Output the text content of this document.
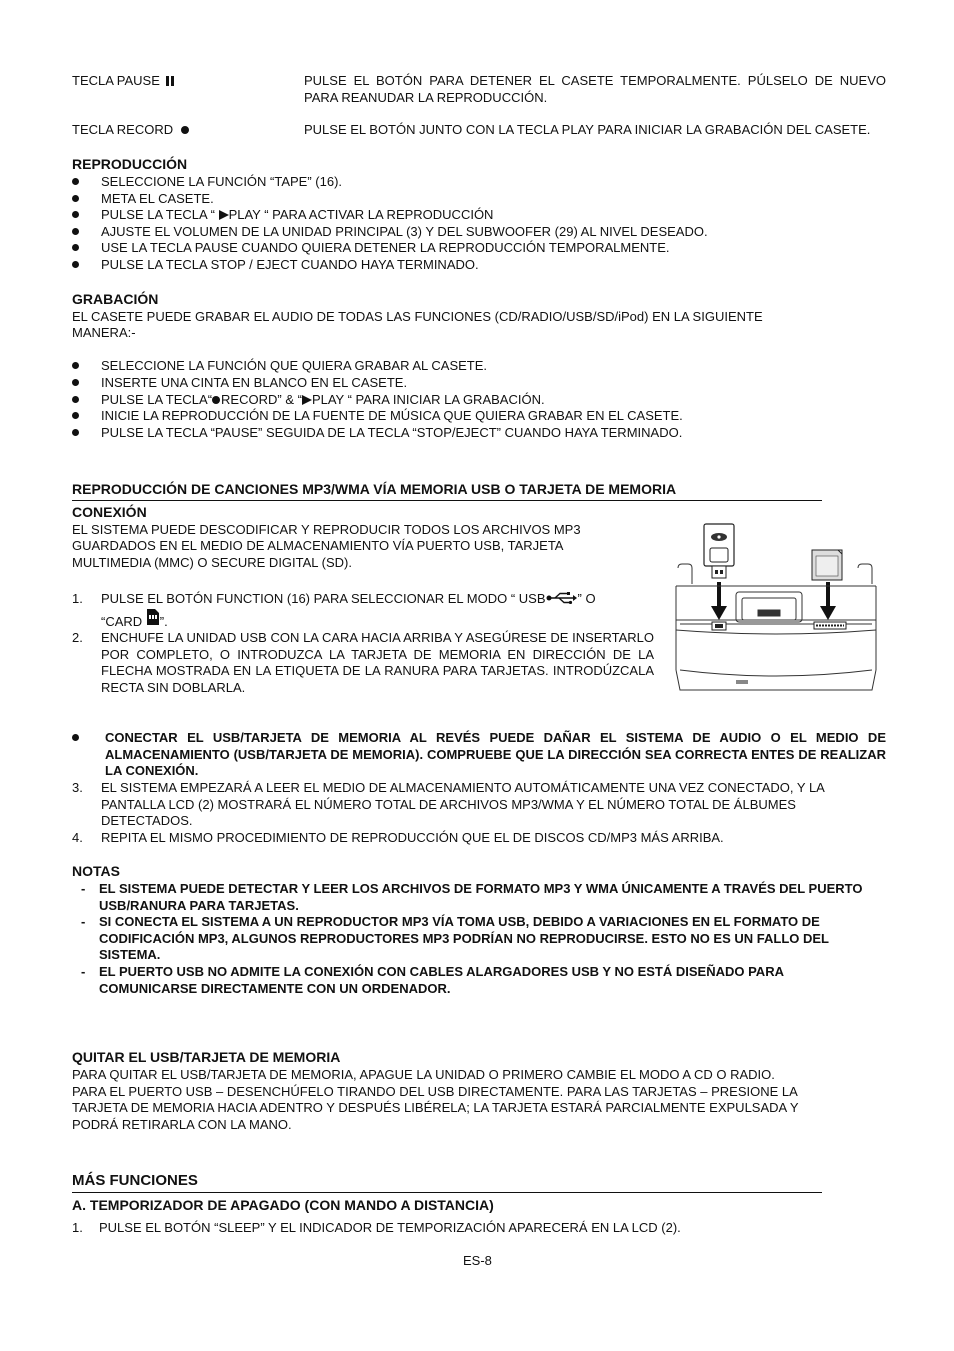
TECLA PAUSE	PULSE EL BOTÓN PARA DETENER EL CASETE TEMPORALMENTE. PÚLSELO DE NUEVO PARA REANUDAR LA REPRODUCCIÓN.
TECLA RECORD	PULSE EL BOTÓN JUNTO CON LA TECLA PLAY PARA INICIAR LA GRABACIÓN DEL CASETE.
REPRODUCCIÓN
SELECCIONE LA FUNCIÓN “TAPE” (16).
META EL CASETE.
PULSE LA TECLA “ PLAY “ PARA ACTIVAR LA REPRODUCCIÓN
AJUSTE EL VOLUMEN DE LA UNIDAD PRINCIPAL (3) Y DEL SUBWOOFER (29) AL NIVEL DESEADO.
USE LA TECLA PAUSE CUANDO QUIERA DETENER LA REPRODUCCIÓN TEMPORALMENTE.
PULSE LA TECLA STOP / EJECT CUANDO HAYA TERMINADO.
GRABACIÓN
EL CASETE PUEDE GRABAR EL AUDIO DE TODAS LAS FUNCIONES (CD/RADIO/USB/SD/iPod) EN LA SIGUIENTE
MANERA:-
SELECCIONE LA FUNCIÓN QUE QUIERA GRABAR AL CASETE.
INSERTE UNA CINTA EN BLANCO EN EL CASETE.
PULSE LA TECLA“ RECORD” & “ PLAY “ PARA INICIAR LA GRABACIÓN.
INICIE LA REPRODUCCIÓN DE LA FUENTE DE MÚSICA QUE QUIERA GRABAR EN EL CASETE.
PULSE LA TECLA “PAUSE” SEGUIDA DE LA TECLA “STOP/EJECT” CUANDO HAYA TERMINADO.
REPRODUCCIÓN DE CANCIONES MP3/WMA VÍA MEMORIA USB O TARJETA DE MEMORIA
CONEXIÓN
EL SISTEMA PUEDE DESCODIFICAR Y REPRODUCIR TODOS LOS ARCHIVOS MP3
GUARDADOS EN EL MEDIO DE ALMACENAMIENTO VÍA PUERTO USB, TARJETA
MULTIMEDIA (MMC) O SECURE DIGITAL (SD).
1. PULSE EL BOTÓN FUNCTION (16) PARA SELECCIONAR EL MODO “ USB ” O
“CARD ”.
2. ENCHUFE LA UNIDAD USB CON LA CARA HACIA ARRIBA Y ASEGÚRESE DE INSERTARLO POR COMPLETO, O INTRODUZCA LA TARJETA DE MEMORIA EN DIRECCIÓN DE LA FLECHA MOSTRADA EN LA ETIQUETA DE LA RANURA PARA TARJETAS. INTRODÚZCALA RECTA SIN DOBLARLA.
CONECTAR EL USB/TARJETA DE MEMORIA AL REVÉS PUEDE DAÑAR EL SISTEMA DE AUDIO O EL MEDIO DE ALMACENAMIENTO (USB/TARJETA DE MEMORIA). COMPRUEBE QUE LA DIRECCIÓN SEA CORRECTA ENTES DE REALIZAR LA CONEXIÓN.
3. EL SISTEMA EMPEZARÁ A LEER EL MEDIO DE ALMACENAMIENTO AUTOMÁTICAMENTE UNA VEZ CONECTADO, Y LA PANTALLA LCD (2) MOSTRARÁ EL NÚMERO TOTAL DE ARCHIVOS MP3/WMA Y EL NÚMERO TOTAL DE ÁLBUMES DETECTADOS.
4. REPITA EL MISMO PROCEDIMIENTO DE REPRODUCCIÓN QUE EL DE DISCOS CD/MP3 MÁS ARRIBA.
NOTAS
- EL SISTEMA PUEDE DETECTAR Y LEER LOS ARCHIVOS DE FORMATO MP3 Y WMA ÚNICAMENTE A TRAVÉS DEL PUERTO USB/RANURA PARA TARJETAS.
- SI CONECTA EL SISTEMA A UN REPRODUCTOR MP3 VÍA TOMA USB, DEBIDO A VARIACIONES EN EL FORMATO DE CODIFICACIÓN MP3, ALGUNOS REPRODUCTORES MP3 PODRÍAN NO REPRODUCIRSE. ESTO NO ES UN FALLO DEL SISTEMA.
- EL PUERTO USB NO ADMITE LA CONEXIÓN CON CABLES ALARGADORES USB Y NO ESTÁ DISEÑADO PARA COMUNICARSE DIRECTAMENTE CON UN ORDENADOR.
QUITAR EL USB/TARJETA DE MEMORIA
PARA QUITAR EL USB/TARJETA DE MEMORIA, APAGUE LA UNIDAD O PRIMERO CAMBIE EL MODO A CD O RADIO.
PARA EL PUERTO USB – DESENCHÚFELO TIRANDO DEL USB DIRECTAMENTE. PARA LAS TARJETAS – PRESIONE LA
TARJETA DE MEMORIA HACIA ADENTRO Y DESPUÉS LIBÉRELA; LA TARJETA ESTARÁ PARCIALMENTE EXPULSADA Y
PODRÁ RETIRARLA CON LA MANO.
MÁS FUNCIONES
A. TEMPORIZADOR DE APAGADO (CON MANDO A DISTANCIA)
1. PULSE EL BOTÓN “SLEEP” Y EL INDICADOR DE TEMPORIZACIÓN APARECERÁ EN LA LCD (2).
ES-8
